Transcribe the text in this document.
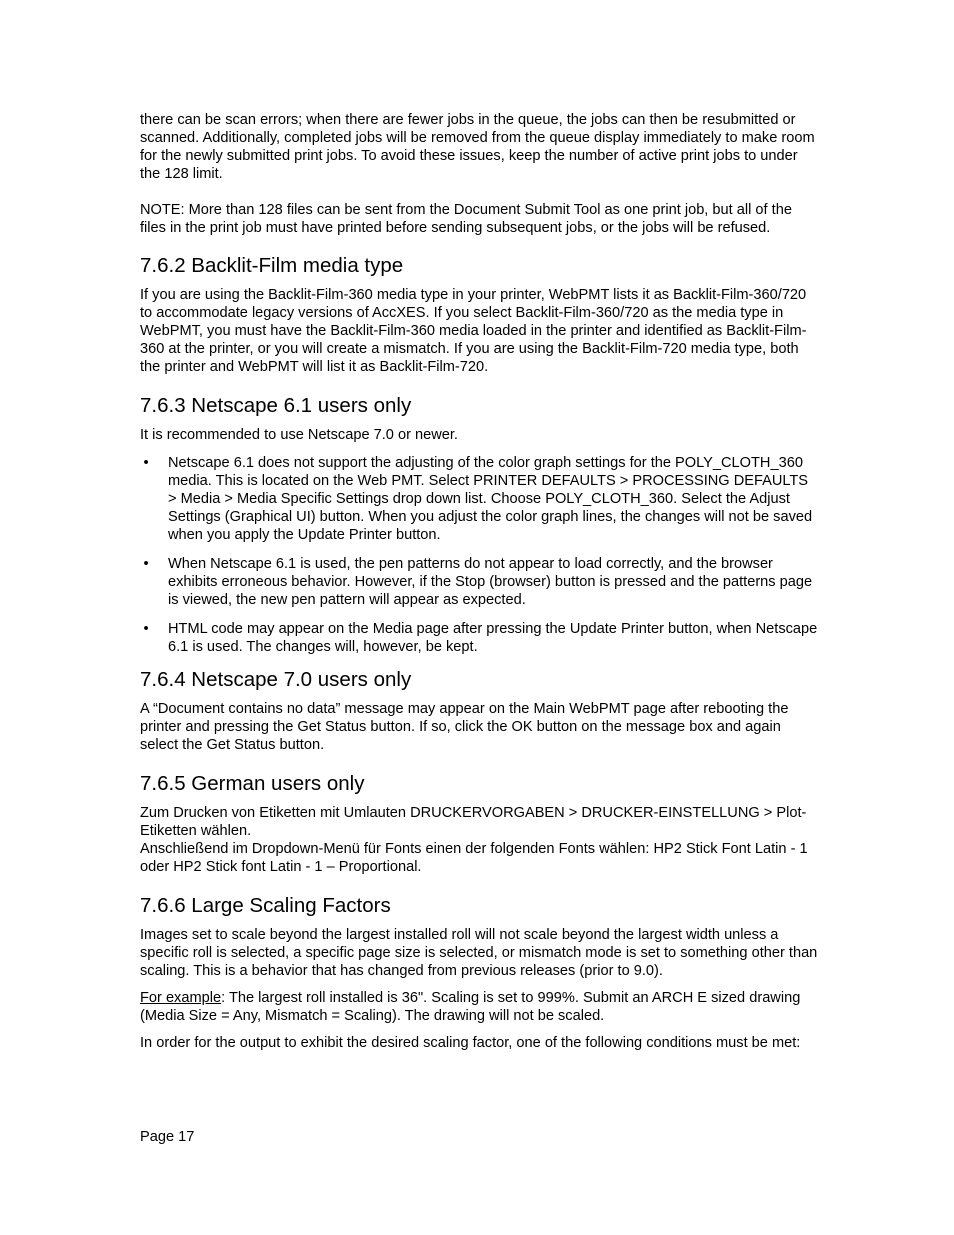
there can be scan errors; when there are fewer jobs in the queue, the jobs can then be resubmitted or scanned. Additionally, completed jobs will be removed from the queue display immediately to make room for the newly submitted print jobs. To avoid these issues, keep the number of active print jobs to under the 128 limit.

NOTE: More than 128 files can be sent from the Document Submit Tool as one print job, but all of the files in the print job must have printed before sending subsequent jobs, or the jobs will be refused.

7.6.2 Backlit-Film media type

If you are using the Backlit-Film-360 media type in your printer, WebPMT lists it as Backlit-Film-360/720 to accommodate legacy versions of AccXES. If you select Backlit-Film-360/720 as the media type in WebPMT, you must have the Backlit-Film-360 media loaded in the printer and identified as Backlit-Film-360 at the printer, or you will create a mismatch. If you are using the Backlit-Film-720 media type, both the printer and WebPMT will list it as Backlit-Film-720.

7.6.3 Netscape 6.1 users only

It is recommended to use Netscape 7.0 or newer.

• Netscape 6.1 does not support the adjusting of the color graph settings for the POLY_CLOTH_360 media. This is located on the Web PMT. Select PRINTER DEFAULTS > PROCESSING DEFAULTS > Media > Media Specific Settings drop down list. Choose POLY_CLOTH_360. Select the Adjust Settings (Graphical UI) button. When you adjust the color graph lines, the changes will not be saved when you apply the Update Printer button.
• When Netscape 6.1 is used, the pen patterns do not appear to load correctly, and the browser exhibits erroneous behavior. However, if the Stop (browser) button is pressed and the patterns page is viewed, the new pen pattern will appear as expected.
• HTML code may appear on the Media page after pressing the Update Printer button, when Netscape 6.1 is used. The changes will, however, be kept.
7.6.4 Netscape 7.0 users only

A “Document contains no data” message may appear on the Main WebPMT page after rebooting the printer and pressing the Get Status button. If so, click the OK button on the message box and again select the Get Status button.

7.6.5 German users only

Zum Drucken von Etiketten mit Umlauten DRUCKERVORGABEN > DRUCKER-EINSTELLUNG > Plot-Etiketten wählen.

Anschließend im Dropdown-Menü für Fonts einen der folgenden Fonts wählen: HP2 Stick Font Latin - 1 oder HP2 Stick font Latin - 1 – Proportional.

7.6.6 Large Scaling Factors

Images set to scale beyond the largest installed roll will not scale beyond the largest width unless a specific roll is selected, a specific page size is selected, or mismatch mode is set to something other than scaling. This is a behavior that has changed from previous releases (prior to 9.0).

For example: The largest roll installed is 36". Scaling is set to 999%. Submit an ARCH E sized drawing (Media Size = Any, Mismatch = Scaling). The drawing will not be scaled.

In order for the output to exhibit the desired scaling factor, one of the following conditions must be met:

Page 17
